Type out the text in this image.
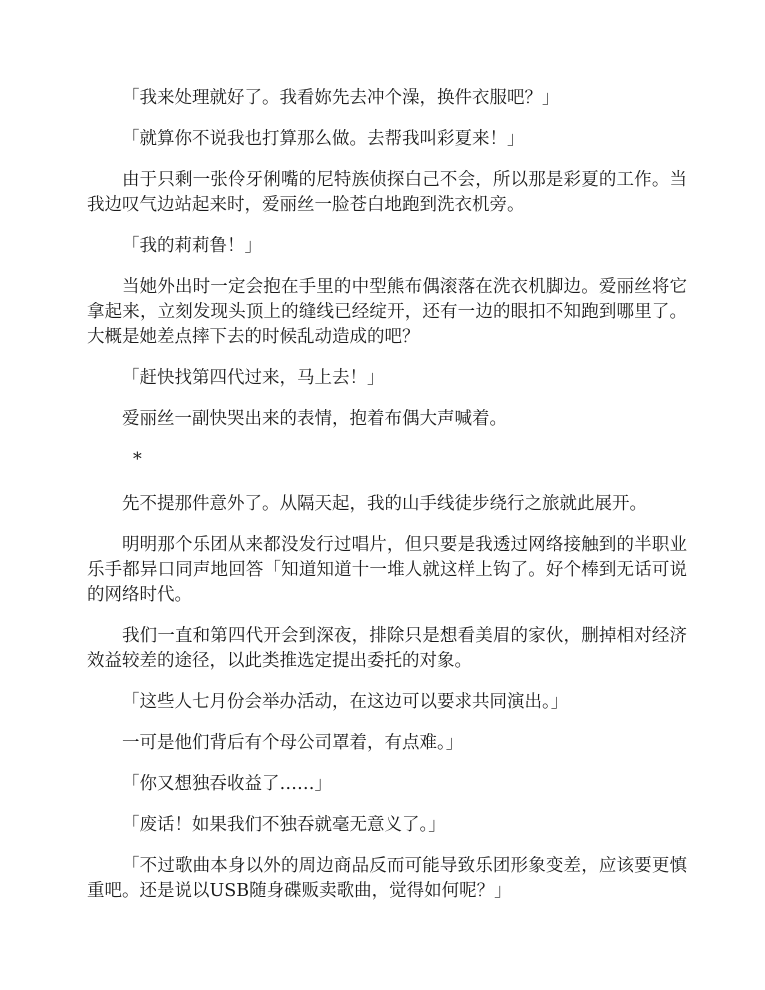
「我来处理就好了。我看妳先去冲个澡，换件衣服吧？」

「就算你不说我也打算那么做。去帮我叫彩夏来！」

由于只剩一张伶牙俐嘴的尼特族侦探白己不会，所以那是彩夏的工作。当我边叹气边站起来时，爱丽丝一脸苍白地跑到洗衣机旁。

「我的莉莉鲁！」

当她外出时一定会抱在手里的中型熊布偶滚落在洗衣机脚边。爱丽丝将它拿起来，立刻发现头顶上的缝线已经绽开，还有一边的眼扣不知跑到哪里了。大概是她差点摔下去的时候乱动造成的吧？

「赶快找第四代过来，马上去！」

爱丽丝一副快哭出来的表情，抱着布偶大声喊着。

*

先不提那件意外了。从隔天起，我的山手线徒步绕行之旅就此展开。

明明那个乐团从来都没发行过唱片，但只要是我透过网络接触到的半职业乐手都异口同声地回答「知道知道十一堆人就这样上钩了。好个棒到无话可说的网络时代。

我们一直和第四代开会到深夜，排除只是想看美眉的家伙，删掉相对经济效益较差的途径，以此类推选定提出委托的对象。

「这些人七月份会举办活动，在这边可以要求共同演出。」

一可是他们背后有个母公司罩着，有点难。」

「你又想独吞收益了……」

「废话！如果我们不独吞就毫无意义了。」

「不过歌曲本身以外的周边商品反而可能导致乐团形象变差，应该要更慎重吧。还是说以USB随身碟贩卖歌曲，觉得如何呢？」
